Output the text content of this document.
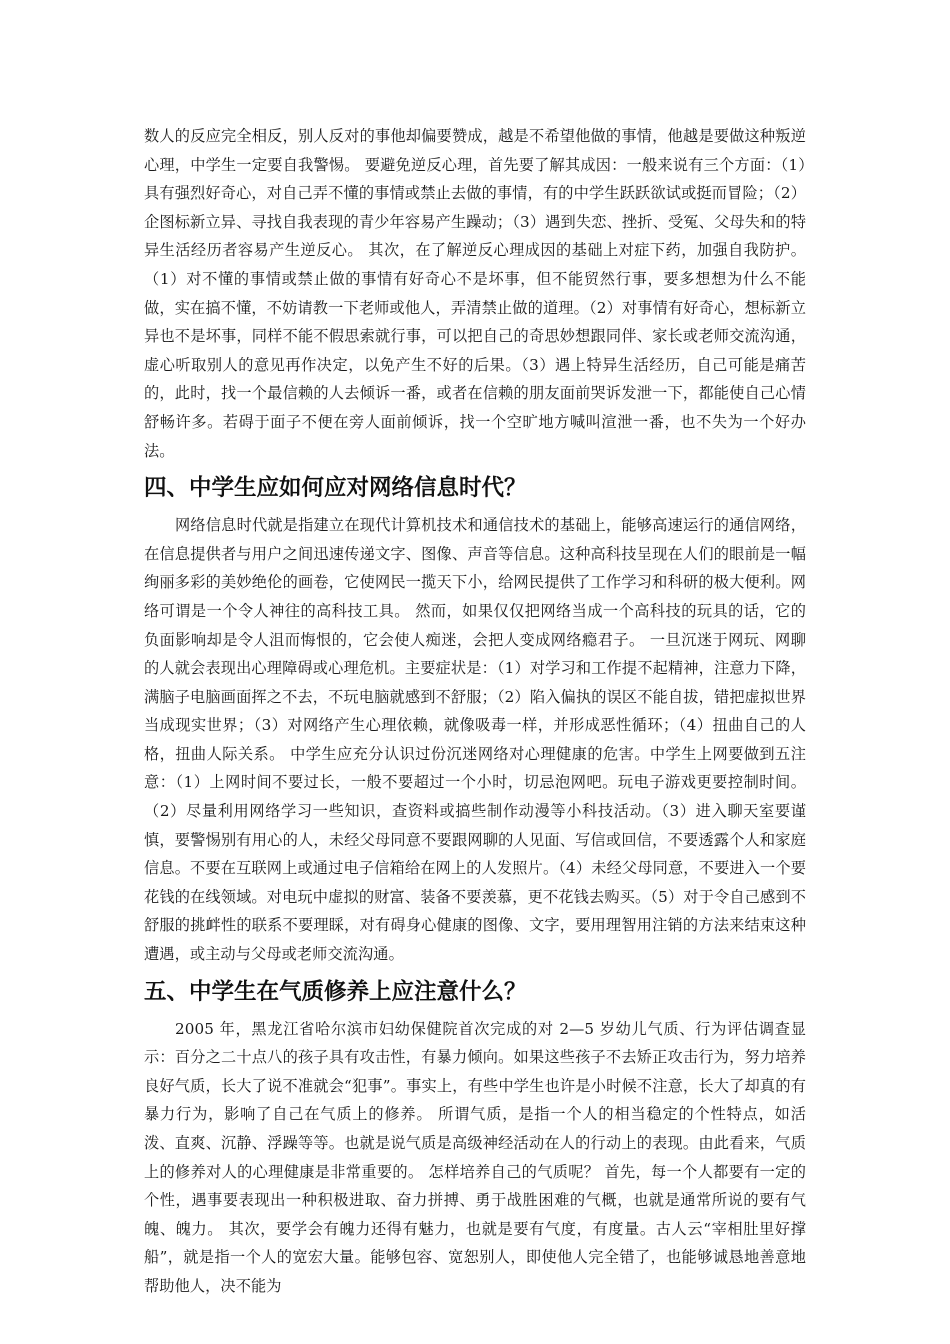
数人的反应完全相反，别人反对的事他却偏要赞成，越是不希望他做的事情，他越是要做这种叛逆心理，中学生一定要自我警惕。 要避免逆反心理，首先要了解其成因：一般来说有三个方面：（1）具有强烈好奇心，对自己弄不懂的事情或禁止去做的事情，有的中学生跃跃欲试或挺而冒险；（2）企图标新立异、寻找自我表现的青少年容易产生躁动；（3）遇到失恋、挫折、受冤、父母失和的特异生活经历者容易产生逆反心。 其次，在了解逆反心理成因的基础上对症下药，加强自我防护。（1）对不懂的事情或禁止做的事情有好奇心不是坏事，但不能贸然行事，要多想想为什么不能做，实在搞不懂，不妨请教一下老师或他人，弄清禁止做的道理。（2）对事情有好奇心，想标新立异也不是坏事，同样不能不假思索就行事，可以把自己的奇思妙想跟同伴、家长或老师交流沟通，虚心听取别人的意见再作决定，以免产生不好的后果。（3）遇上特异生活经历，自己可能是痛苦的，此时，找一个最信赖的人去倾诉一番，或者在信赖的朋友面前哭诉发泄一下，都能使自己心情舒畅许多。若碍于面子不便在旁人面前倾诉，找一个空旷地方喊叫渲泄一番，也不失为一个好办法。

四、中学生应如何应对网络信息时代？

网络信息时代就是指建立在现代计算机技术和通信技术的基础上，能够高速运行的通信网络，在信息提供者与用户之间迅速传递文字、图像、声音等信息。这种高科技呈现在人们的眼前是一幅绚丽多彩的美妙绝伦的画卷，它使网民一揽天下小，给网民提供了工作学习和科研的极大便利。网络可谓是一个令人神往的高科技工具。 然而，如果仅仅把网络当成一个高科技的玩具的话，它的负面影响却是令人沮而悔恨的，它会使人痴迷，会把人变成网络瘾君子。 一旦沉迷于网玩、网聊的人就会表现出心理障碍或心理危机。主要症状是：（1）对学习和工作提不起精神，注意力下降，满脑子电脑画面挥之不去，不玩电脑就感到不舒服；（2）陷入偏执的误区不能自拔，错把虚拟世界当成现实世界；（3）对网络产生心理依赖，就像吸毒一样，并形成恶性循环；（4）扭曲自己的人格，扭曲人际关系。 中学生应充分认识过份沉迷网络对心理健康的危害。中学生上网要做到五注意：（1）上网时间不要过长，一般不要超过一个小时，切忌泡网吧。玩电子游戏更要控制时间。（2）尽量利用网络学习一些知识，查资料或搞些制作动漫等小科技活动。（3）进入聊天室要谨慎，要警惕别有用心的人，未经父母同意不要跟网聊的人见面、写信或回信，不要透露个人和家庭信息。不要在互联网上或通过电子信箱给在网上的人发照片。（4）未经父母同意，不要进入一个要花钱的在线领域。对电玩中虚拟的财富、装备不要羡慕，更不花钱去购买。（5）对于令自己感到不舒服的挑衅性的联系不要理睬，对有碍身心健康的图像、文字，要用理智用注销的方法来结束这种遭遇，或主动与父母或老师交流沟通。

五、中学生在气质修养上应注意什么？

2005 年，黑龙江省哈尔滨市妇幼保健院首次完成的对 2—5 岁幼儿气质、行为评估调查显示：百分之二十点八的孩子具有攻击性，有暴力倾向。如果这些孩子不去矫正攻击行为，努力培养良好气质，长大了说不准就会“犯事”。事实上，有些中学生也许是小时候不注意，长大了却真的有暴力行为，影响了自己在气质上的修养。 所谓气质，是指一个人的相当稳定的个性特点，如活泼、直爽、沉静、浮躁等等。也就是说气质是高级神经活动在人的行动上的表现。由此看来，气质上的修养对人的心理健康是非常重要的。 怎样培养自己的气质呢？ 首先，每一个人都要有一定的个性，遇事要表现出一种积极进取、奋力拼搏、勇于战胜困难的气概，也就是通常所说的要有气魄、魄力。 其次，要学会有魄力还得有魅力，也就是要有气度，有度量。古人云“宰相肚里好撑船”，就是指一个人的宽宏大量。能够包容、宽恕别人，即使他人完全错了，也能够诚恳地善意地帮助他人，决不能为
